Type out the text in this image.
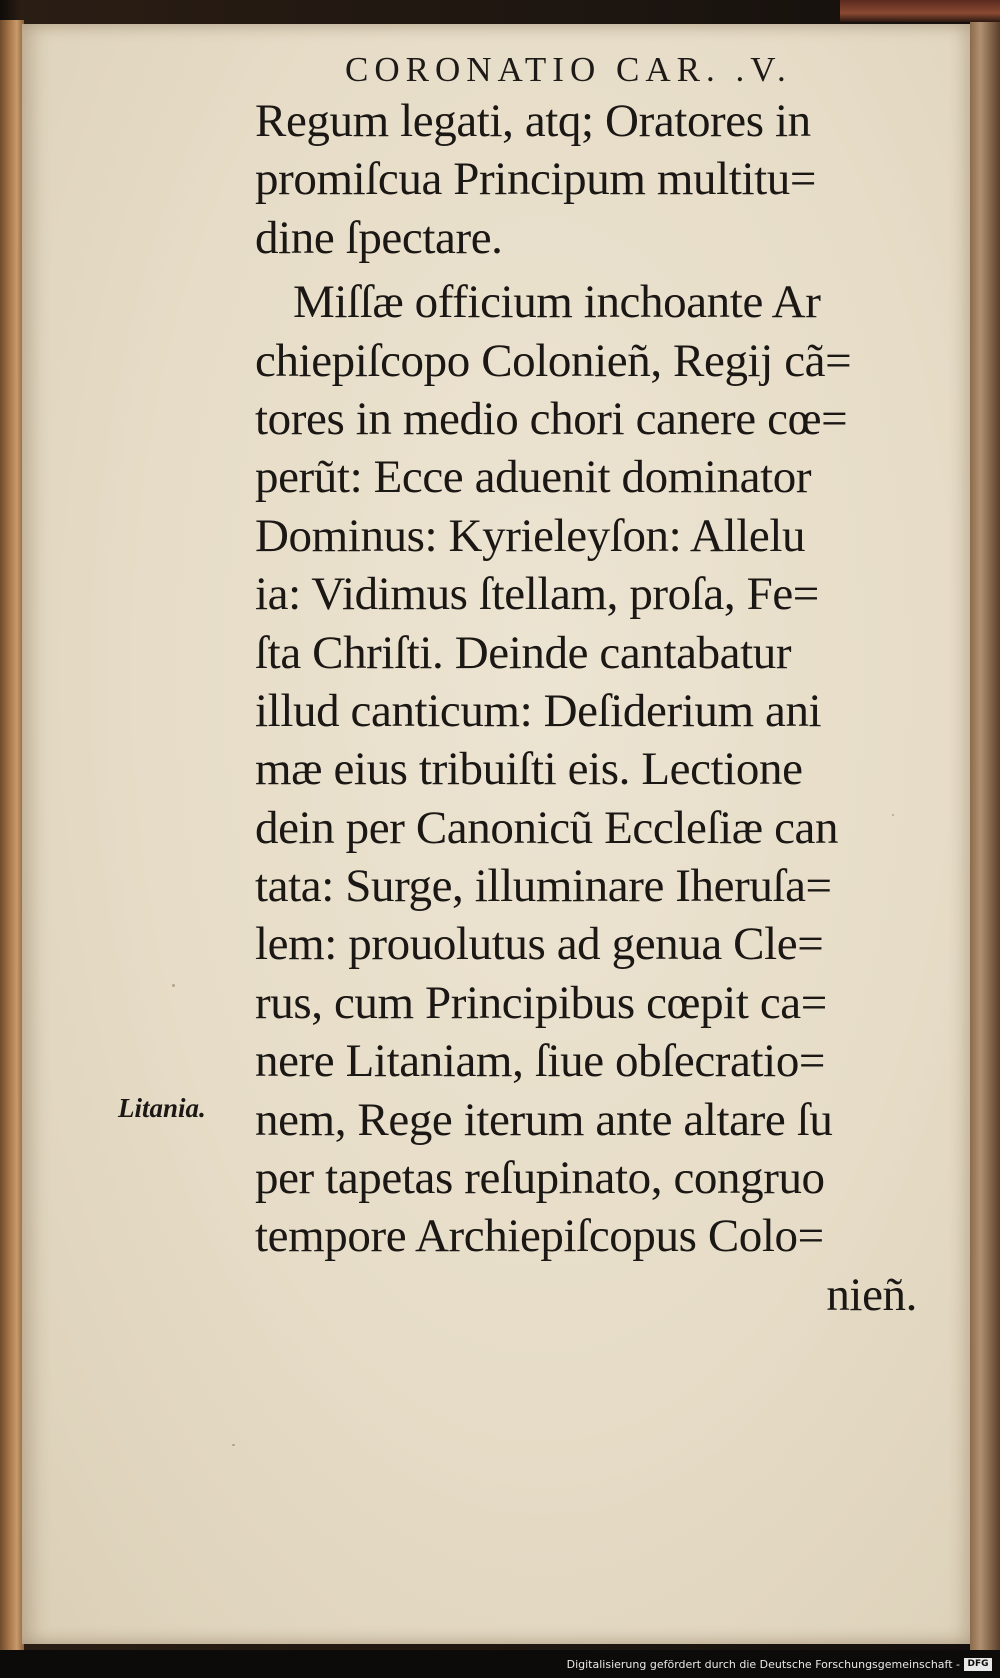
CORONATIO CAR. .V.
Regum legati, atq; Oratores in
promiſcua Principum multitu=
dine ſpectare.
Miſſæ officium inchoante Ar
chiepiſcopo Colonieñ, Regij cã=
tores in medio chori canere cœ=
perũt: Ecce aduenit dominator
Dominus: Kyrieleyſon: Allelu
ia: Vidimus ſtellam, proſa, Fe=
ſta Chriſti. Deinde cantabatur
illud canticum: Deſiderium ani
mæ eius tribuiſti eis. Lectione
dein per Canonicũ Eccleſiæ can
tata: Surge, illuminare Iheruſa=
lem: prouolutus ad genua Cle=
rus, cum Principibus cœpit ca=
nere Litaniam, ſiue obſecratio=
nem, Rege iterum ante altare ſu
per tapetas reſupinato, congruo
tempore Archiepiſcopus Colo=
nieñ.
Litania.
Digitalisierung gefördert durch die Deutsche Forschungsgemeinschaft - DFG
